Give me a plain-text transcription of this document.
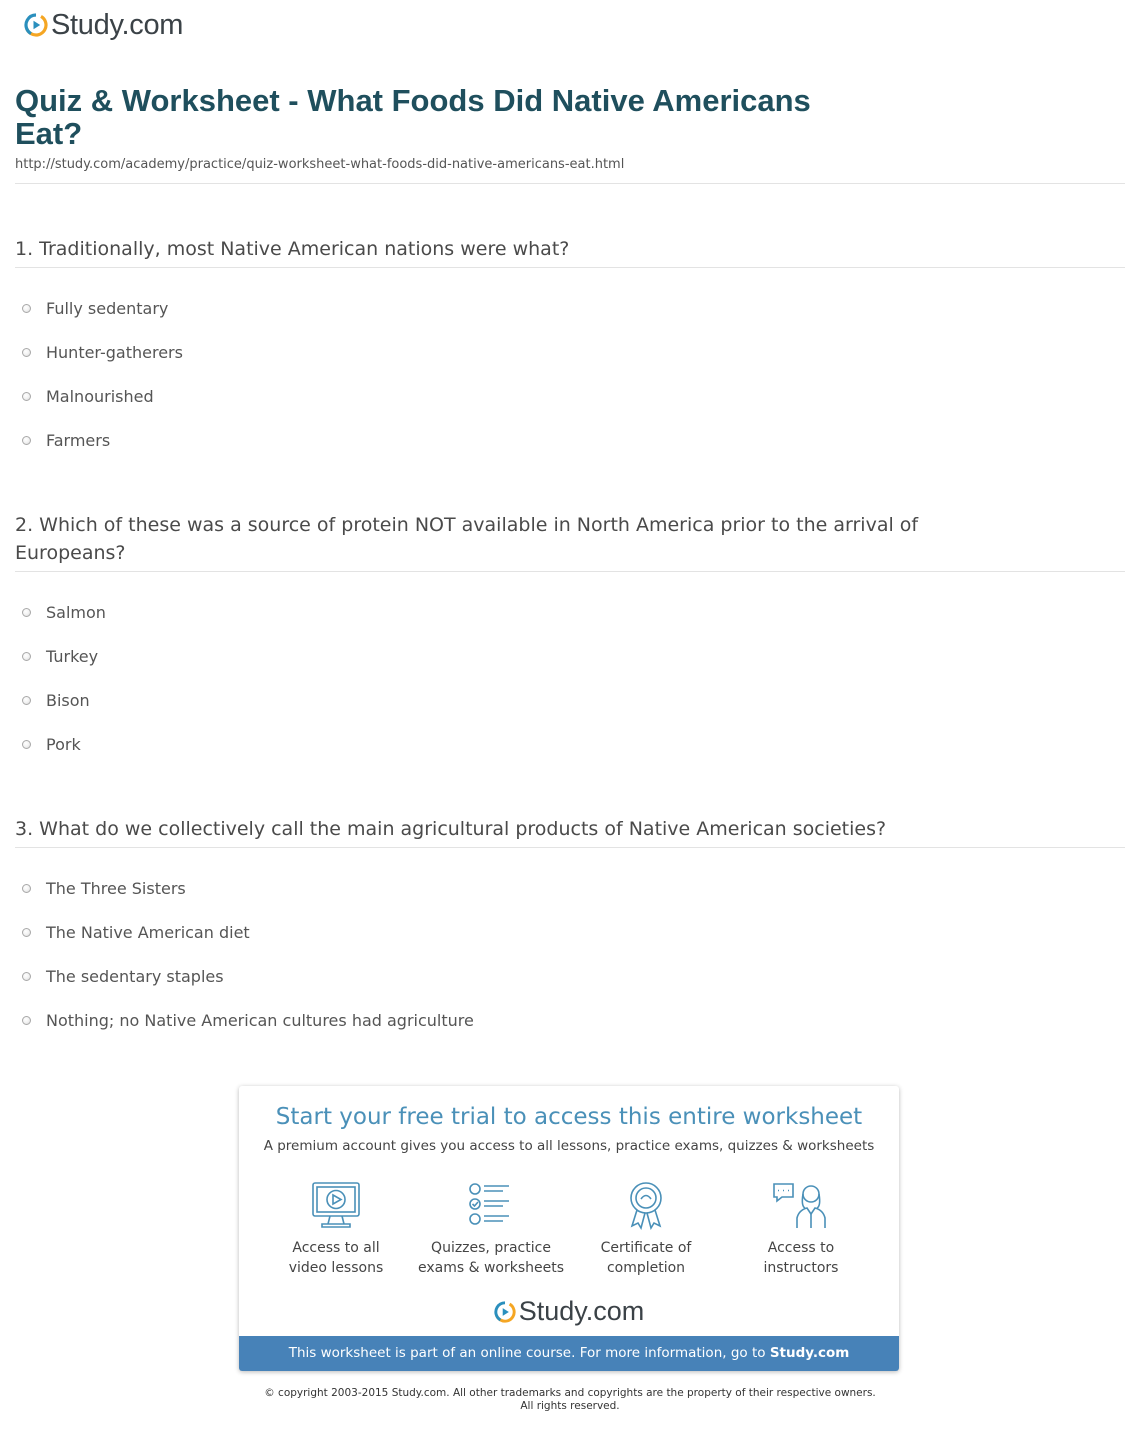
Study.com
Quiz & Worksheet - What Foods Did Native Americans Eat?
http://study.com/academy/practice/quiz-worksheet-what-foods-did-native-americans-eat.html
1. Traditionally, most Native American nations were what?
Fully sedentary
Hunter-gatherers
Malnourished
Farmers
2. Which of these was a source of protein NOT available in North America prior to the arrival of Europeans?
Salmon
Turkey
Bison
Pork
3. What do we collectively call the main agricultural products of Native American societies?
The Three Sisters
The Native American diet
The sedentary staples
Nothing; no Native American cultures had agriculture
Start your free trial to access this entire worksheet
A premium account gives you access to all lessons, practice exams, quizzes & worksheets
Access to all
video lessons
Quizzes, practice
exams & worksheets
Certificate of
completion
Access to
instructors
Study.com
This worksheet is part of an online course. For more information, go to Study.com
© copyright 2003-2015 Study.com. All other trademarks and copyrights are the property of their respective owners.
All rights reserved.
